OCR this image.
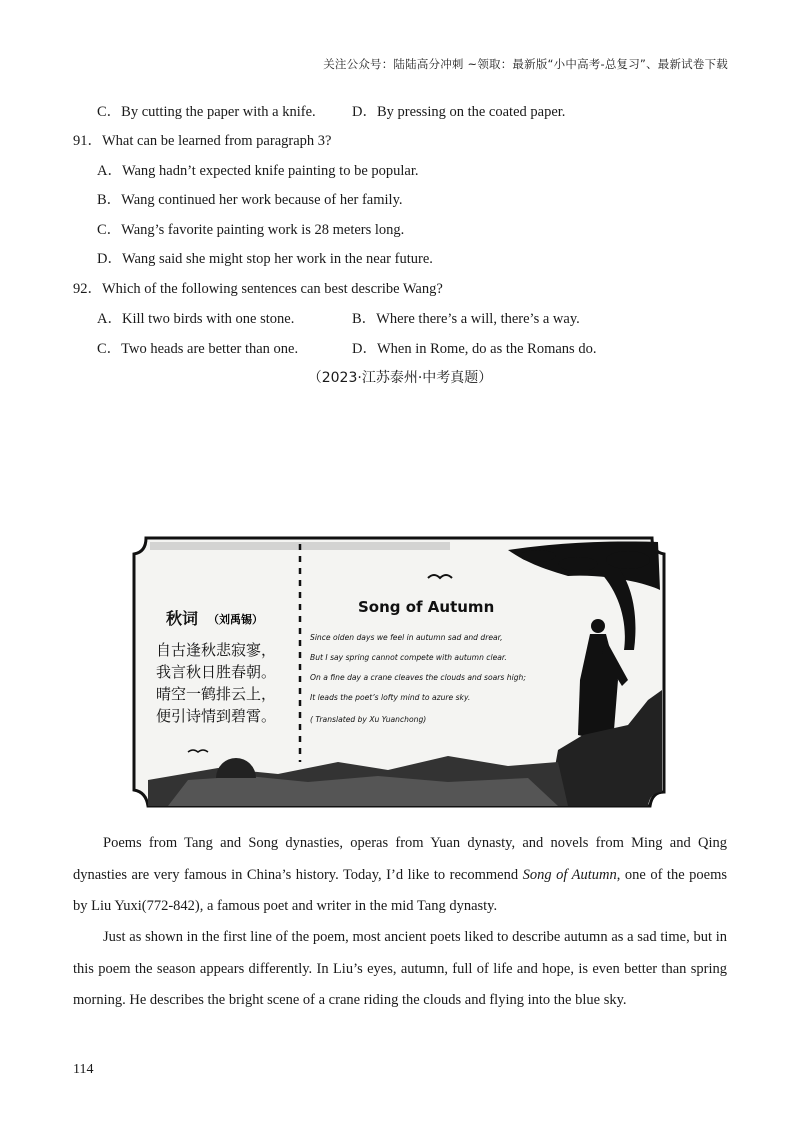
关注公众号：陆陆高分冲刺 ~领取：最新版“小中高考-总复习”、最新试卷下载
C．By cutting the paper with a knife.	D．By pressing on the coated paper.
91．What can be learned from paragraph 3?
A．Wang hadn’t expected knife painting to be popular.
B．Wang continued her work because of her family.
C．Wang’s favorite painting work is 28 meters long.
D．Wang said she might stop her work in the near future.
92．Which of the following sentences can best describe Wang?
A．Kill two birds with one stone.	B．Where there’s a will, there’s a way.
C．Two heads are better than one.	D．When in Rome, do as the Romans do.
（2023·江苏泰州·中考真题）
秋词 （刘禹锡）
自古逢秋悲寂寥，
我言秋日胜春朝。
晴空一鹤排云上，
便引诗情到碧霄。
Song of Autumn
Since olden days we feel in autumn sad and drear,
But I say spring cannot compete with autumn clear.
On a fine day a crane cleaves the clouds and soars high;
It leads the poet’s lofty mind to azure sky.
( Translated by Xu Yuanchong)

Poems from Tang and Song dynasties, operas from Yuan dynasty, and novels from Ming and Qing dynasties are very famous in China’s history. Today, I’d like to recommend Song of Autumn, one of the poems by Liu Yuxi(772-842), a famous poet and writer in the mid Tang dynasty.

Just as shown in the first line of the poem, most ancient poets liked to describe autumn as a sad time, but in this poem the season appears differently. In Liu’s eyes, autumn, full of life and hope, is even better than spring morning. He describes the bright scene of a crane riding the clouds and flying into the blue sky.

114
